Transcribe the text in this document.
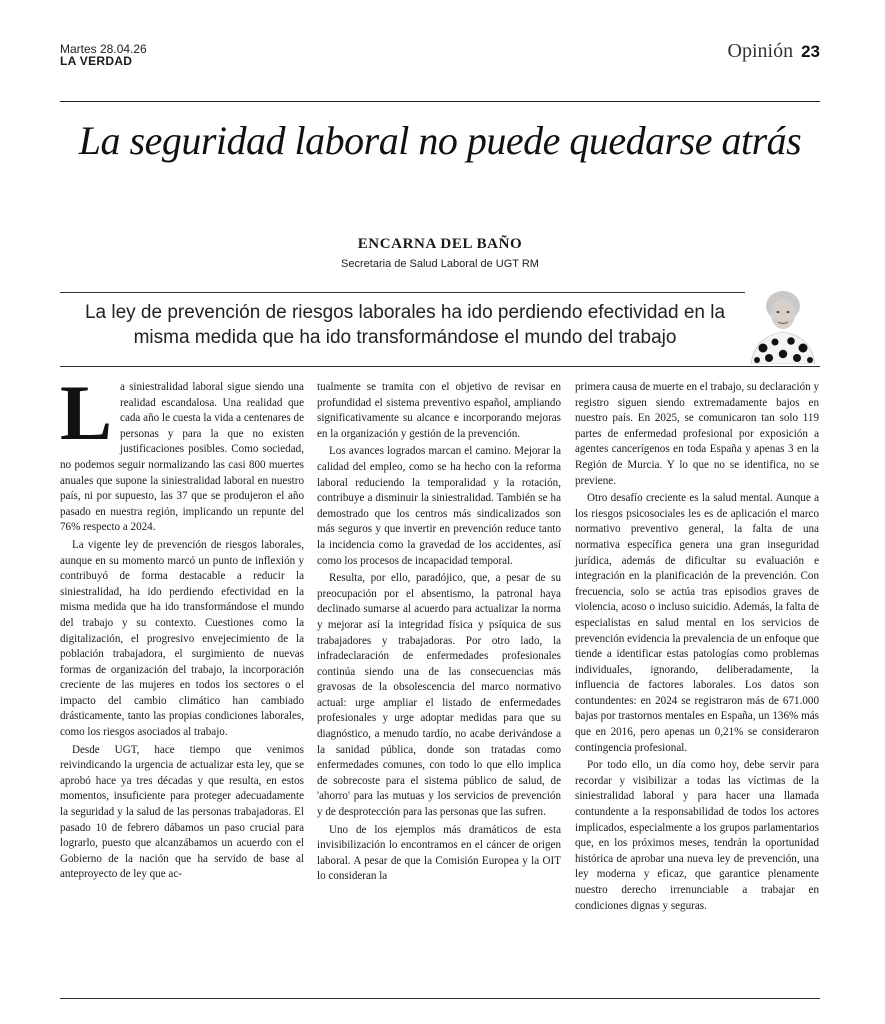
Martes 28.04.26
LA VERDAD	Opinión 23
La seguridad laboral no puede quedarse atrás
ENCARNA DEL BAÑO
Secretaria de Salud Laboral de UGT RM
La ley de prevención de riesgos laborales ha ido perdiendo efectividad en la misma medida que ha ido transformándose el mundo del trabajo
L a siniestralidad laboral sigue siendo una realidad escandalosa. Una realidad que cada año le cuesta la vida a centenares de personas y para la que no existen justificaciones posibles. Como sociedad, no podemos seguir normalizando las casi 800 muertes anuales que supone la siniestralidad laboral en nuestro país, ni por supuesto, las 37 que se produjeron el año pasado en nuestra región, implicando un repunte del 76% respecto a 2024.

La vigente ley de prevención de riesgos laborales, aunque en su momento marcó un punto de inflexión y contribuyó de forma destacable a reducir la siniestralidad, ha ido perdiendo efectividad en la misma medida que ha ido transformándose el mundo del trabajo y su contexto. Cuestiones como la digitalización, el progresivo envejecimiento de la población trabajadora, el surgimiento de nuevas formas de organización del trabajo, la incorporación creciente de las mujeres en todos los sectores o el impacto del cambio climático han cambiado drásticamente, tanto las propias condiciones laborales, como los riesgos asociados al trabajo.

Desde UGT, hace tiempo que venimos reivindicando la urgencia de actualizar esta ley, que se aprobó hace ya tres décadas y que resulta, en estos momentos, insuficiente para proteger adecuadamente la seguridad y la salud de las personas trabajadoras. El pasado 10 de febrero dábamos un paso crucial para lograrlo, puesto que alcanzábamos un acuerdo con el Gobierno de la nación que ha servido de base al anteproyecto de ley que ac-

tualmente se tramita con el objetivo de revisar en profundidad el sistema preventivo español, ampliando significativamente su alcance e incorporando mejoras en la organización y gestión de la prevención.

Los avances logrados marcan el camino. Mejorar la calidad del empleo, como se ha hecho con la reforma laboral reduciendo la temporalidad y la rotación, contribuye a disminuir la siniestralidad. También se ha demostrado que los centros más sindicalizados son más seguros y que invertir en prevención reduce tanto la incidencia como la gravedad de los accidentes, así como los procesos de incapacidad temporal.

Resulta, por ello, paradójico, que, a pesar de su preocupación por el absentismo, la patronal haya declinado sumarse al acuerdo para actualizar la norma y mejorar así la integridad física y psíquica de sus trabajadores y trabajadoras. Por otro lado, la infradeclaración de enfermedades profesionales continúa siendo una de las consecuencias más gravosas de la obsolescencia del marco normativo actual: urge ampliar el listado de enfermedades profesionales y urge adoptar medidas para que su diagnóstico, a menudo tardío, no acabe derivándose a la sanidad pública, donde son tratadas como enfermedades comunes, con todo lo que ello implica de sobrecoste para el sistema público de salud, de 'ahorro' para las mutuas y los servicios de prevención y de desprotección para las personas que las sufren.

Uno de los ejemplos más dramáticos de esta invisibilización lo encontramos en el cáncer de origen laboral. A pesar de que la Comisión Europea y la OIT lo consideran la

primera causa de muerte en el trabajo, su declaración y registro siguen siendo extremadamente bajos en nuestro país. En 2025, se comunicaron tan solo 119 partes de enfermedad profesional por exposición a agentes cancerígenos en toda España y apenas 3 en la Región de Murcia. Y lo que no se identifica, no se previene.

Otro desafío creciente es la salud mental. Aunque a los riesgos psicosociales les es de aplicación el marco normativo preventivo general, la falta de una normativa específica genera una gran inseguridad jurídica, además de dificultar su evaluación e integración en la planificación de la prevención. Con frecuencia, solo se actúa tras episodios graves de violencia, acoso o incluso suicidio. Además, la falta de especialistas en salud mental en los servicios de prevención evidencia la prevalencia de un enfoque que tiende a identificar estas patologías como problemas individuales, ignorando, deliberadamente, la influencia de factores laborales. Los datos son contundentes: en 2024 se registraron más de 671.000 bajas por trastornos mentales en España, un 136% más que en 2016, pero apenas un 0,21% se consideraron contingencia profesional.

Por todo ello, un día como hoy, debe servir para recordar y visibilizar a todas las víctimas de la siniestralidad laboral y para hacer una llamada contundente a la responsabilidad de todos los actores implicados, especialmente a los grupos parlamentarios que, en los próximos meses, tendrán la oportunidad histórica de aprobar una nueva ley de prevención, una ley moderna y eficaz, que garantice plenamente nuestro derecho irrenunciable a trabajar en condiciones dignas y seguras.
